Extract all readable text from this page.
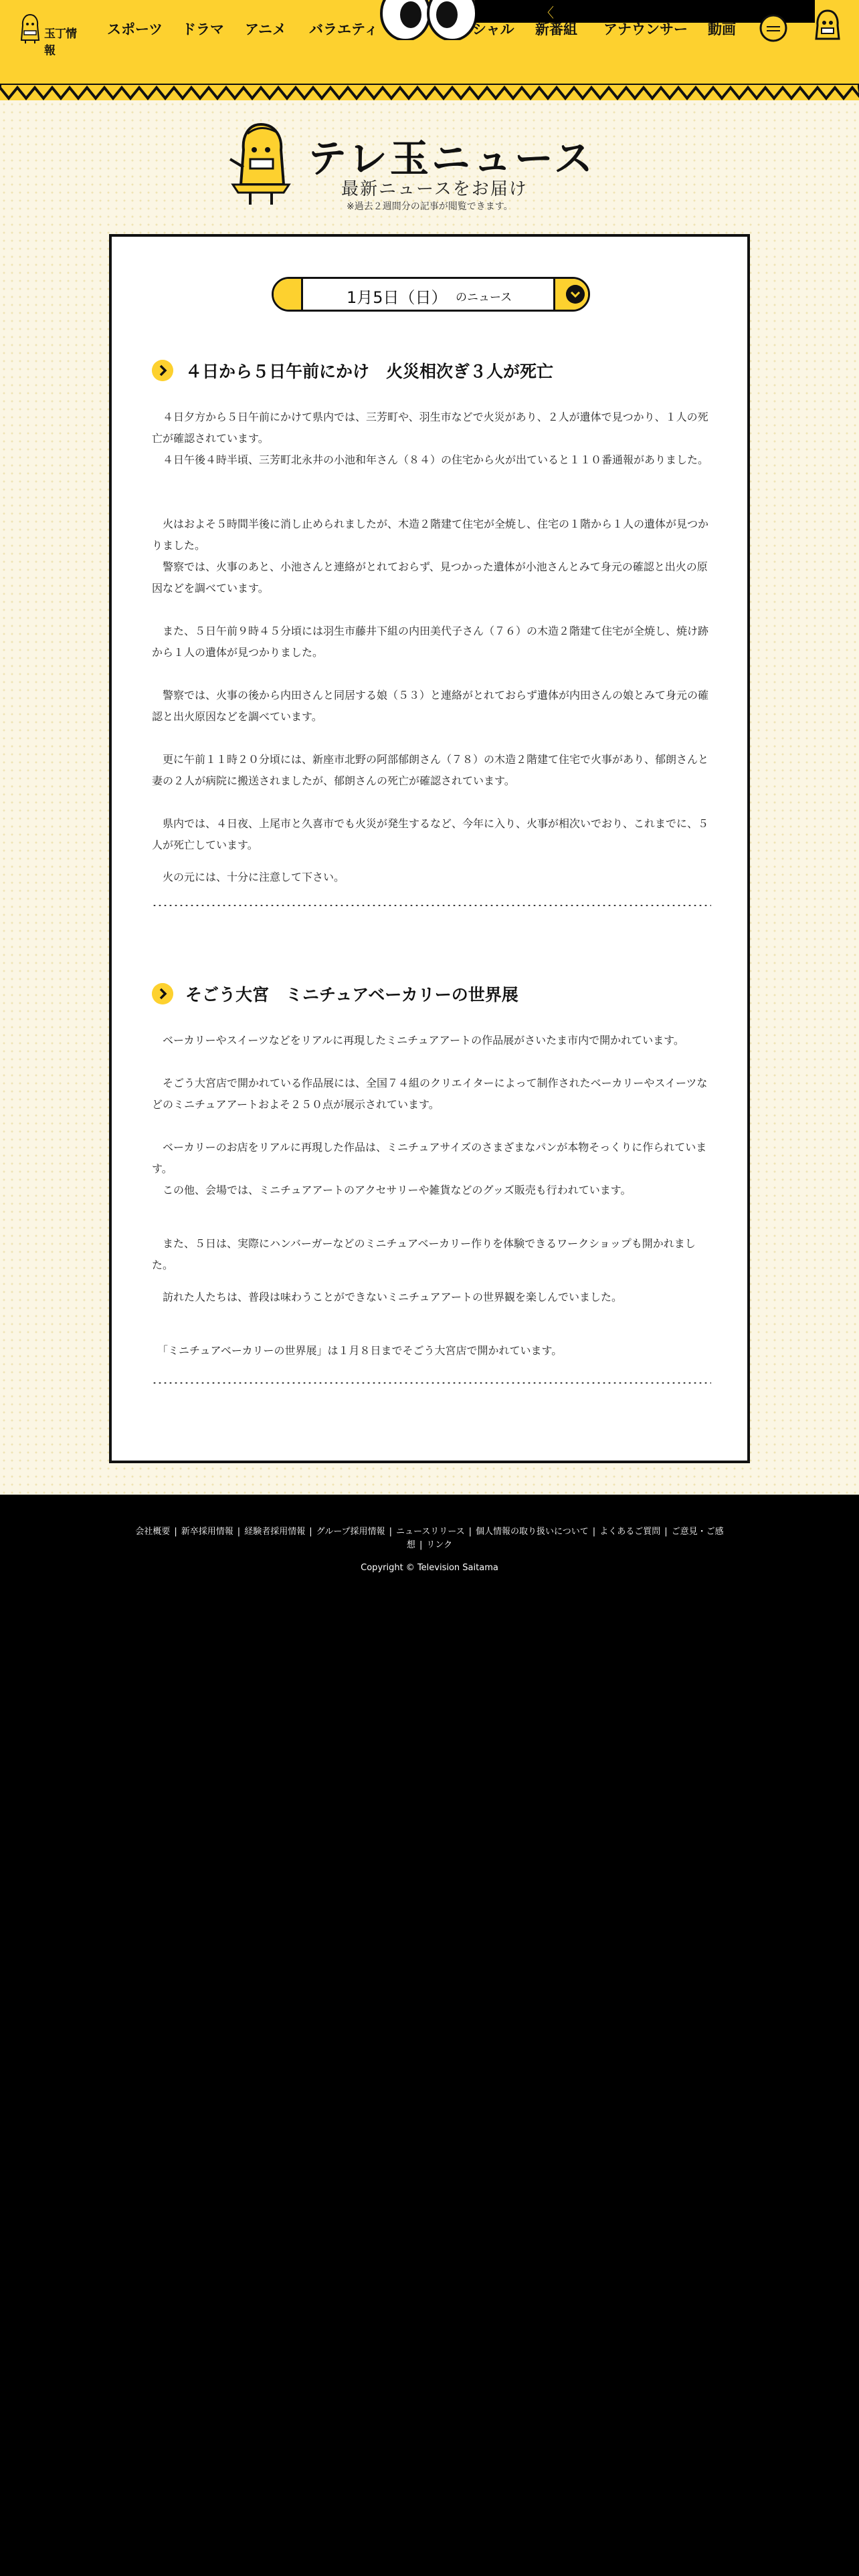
玉丁情報
スポーツ ドラマ アニメ バラエティ
〈
シャル 新番組 アナウンサー 動画
テレ玉ニュース
最新ニュースをお届け
※過去２週間分の記事が閲覧できます。
1月5日（日） のニュース
４日から５日午前にかけ　火災相次ぎ３人が死亡

　４日夕方から５日午前にかけて県内では、三芳町や、羽生市などで火災があり、２人が遺体で見つかり、１人の死亡が確認されています。

　４日午後４時半頃、三芳町北永井の小池和年さん（８４）の住宅から火が出ていると１１０番通報がありました。

　火はおよそ５時間半後に消し止められましたが、木造２階建て住宅が全焼し、住宅の１階から１人の遺体が見つかりました。

　警察では、火事のあと、小池さんと連絡がとれておらず、見つかった遺体が小池さんとみて身元の確認と出火の原因などを調べています。

　また、５日午前９時４５分頃には羽生市藤井下組の内田美代子さん（７６）の木造２階建て住宅が全焼し、焼け跡から１人の遺体が見つかりました。

　警察では、火事の後から内田さんと同居する娘（５３）と連絡がとれておらず遺体が内田さんの娘とみて身元の確認と出火原因などを調べています。

　更に午前１１時２０分頃には、新座市北野の阿部郁朗さん（７８）の木造２階建て住宅で火事があり、郁朗さんと妻の２人が病院に搬送されましたが、郁朗さんの死亡が確認されています。

　県内では、４日夜、上尾市と久喜市でも火災が発生するなど、今年に入り、火事が相次いでおり、これまでに、５人が死亡しています。

　火の元には、十分に注意して下さい。

そごう大宮　ミニチュアベーカリーの世界展

　ベーカリーやスイーツなどをリアルに再現したミニチュアアートの作品展がさいたま市内で開かれています。

　そごう大宮店で開かれている作品展には、全国７４組のクリエイターによって制作されたベーカリーやスイーツなどのミニチュアアートおよそ２５０点が展示されています。

　ベーカリーのお店をリアルに再現した作品は、ミニチュアサイズのさまざまなパンが本物そっくりに作られています。

　この他、会場では、ミニチュアアートのアクセサリーや雑貨などのグッズ販売も行われています。

　また、５日は、実際にハンバーガーなどのミニチュアベーカリー作りを体験できるワークショップも開かれました。

　訪れた人たちは、普段は味わうことができないミニチュアアートの世界観を楽しんでいました。

　「ミニチュアベーカリーの世界展」は１月８日までそごう大宮店で開かれています。

会社概要 | 新卒採用情報 | 経験者採用情報 | グループ採用情報 | ニュースリリース | 個人情報の取り扱いについて | よくあるご質問 | ご意見・ご感想 | リンク
Copyright © Television Saitama
